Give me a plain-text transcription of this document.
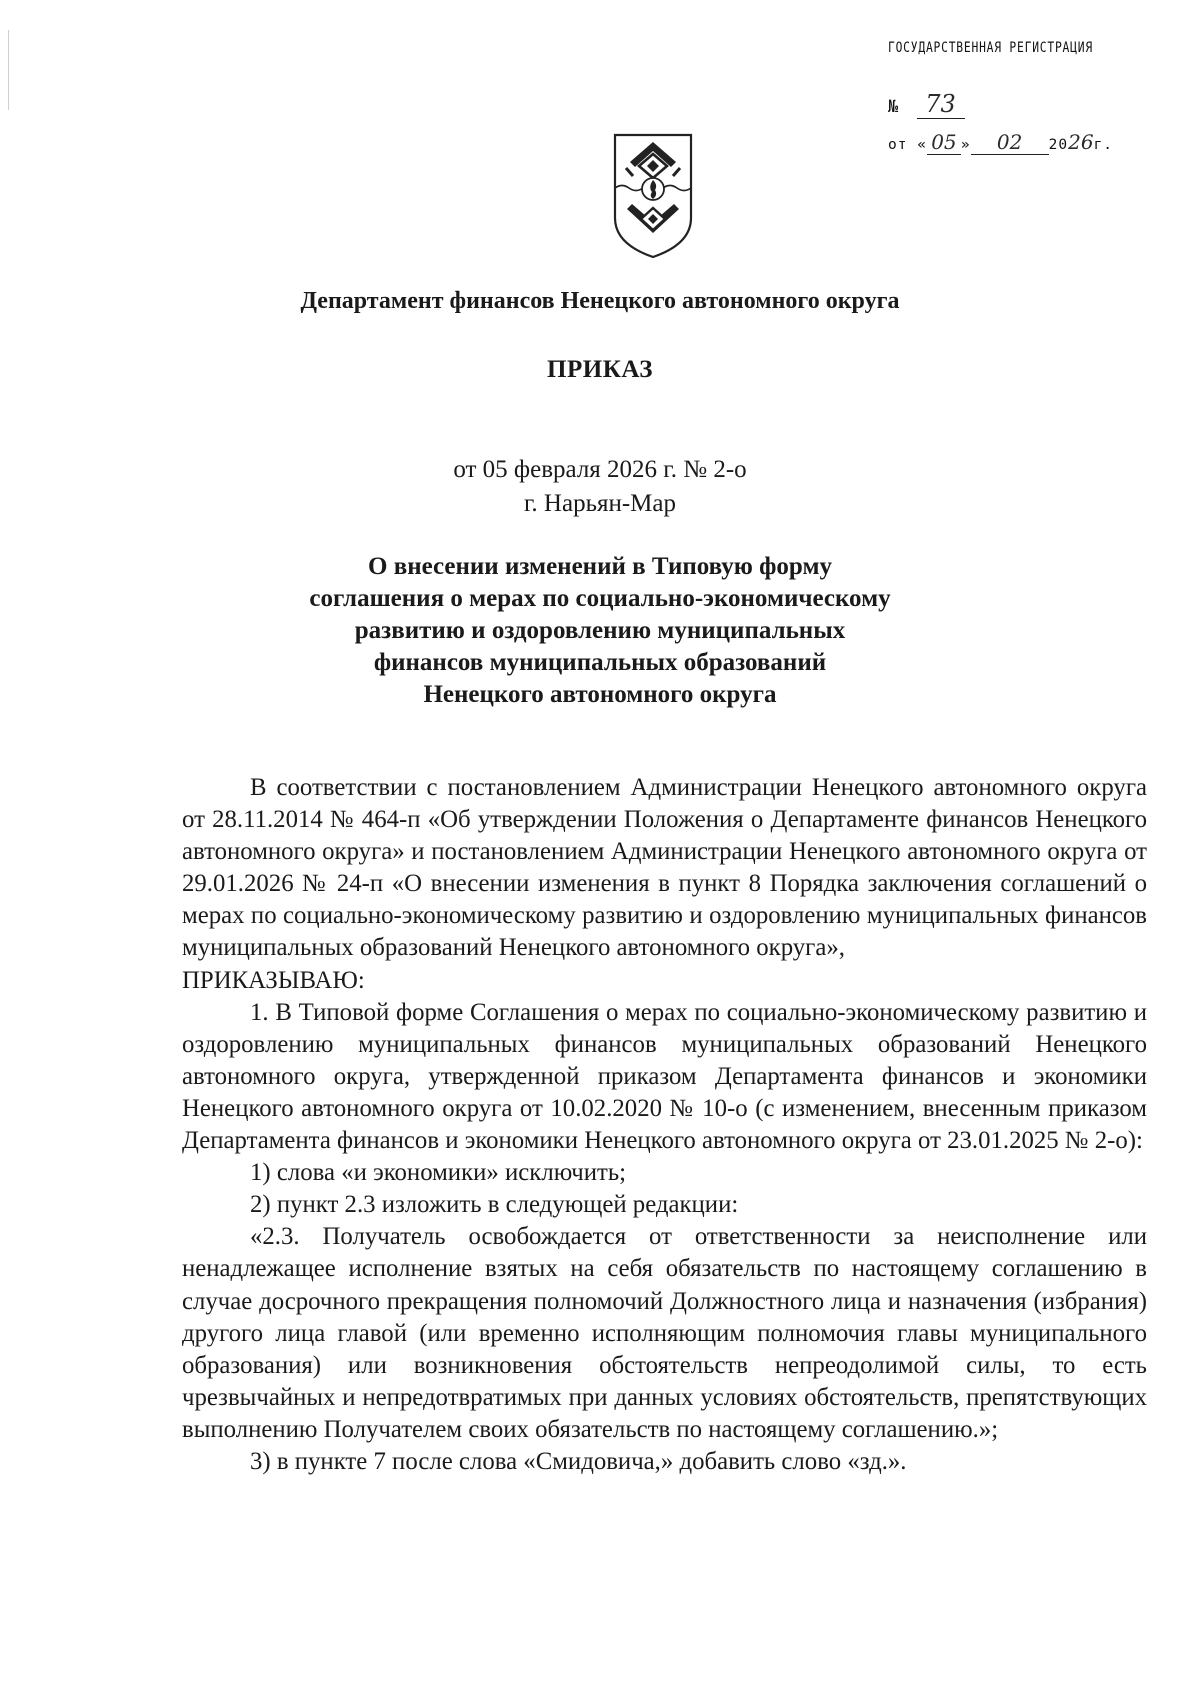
ГОСУДАРСТВЕННАЯ РЕГИСТРАЦИЯ
№ 73
от « 05 » 02 2026г.
Департамент финансов Ненецкого автономного округа
ПРИКАЗ
от 05 февраля 2026 г. № 2-о
г. Нарьян-Мар
О внесении изменений в Типовую форму
соглашения о мерах по социально-экономическому
развитию и оздоровлению муниципальных
финансов муниципальных образований
Ненецкого автономного округа

В соответствии с постановлением Администрации Ненецкого автономного округа от 28.11.2014 № 464-п «Об утверждении Положения о Департаменте финансов Ненецкого автономного округа» и постановлением Администрации Ненецкого автономного округа от 29.01.2026 № 24-п «О внесении изменения в пункт 8 Порядка заключения соглашений о мерах по социально-экономическому развитию и оздоровлению муниципальных финансов муниципальных образований Ненецкого автономного округа»,

ПРИКАЗЫВАЮ:

1. В Типовой форме Соглашения о мерах по социально-экономическому развитию и оздоровлению муниципальных финансов муниципальных образований Ненецкого автономного округа, утвержденной приказом Департамента финансов и экономики Ненецкого автономного округа от 10.02.2020 № 10-о (с изменением, внесенным приказом Департамента финансов и экономики Ненецкого автономного округа от 23.01.2025 № 2-о):

1) слова «и экономики» исключить;

2) пункт 2.3 изложить в следующей редакции:

«2.3. Получатель освобождается от ответственности за неисполнение или ненадлежащее исполнение взятых на себя обязательств по настоящему соглашению в случае досрочного прекращения полномочий Должностного лица и назначения (избрания) другого лица главой (или временно исполняющим полномочия главы муниципального образования) или возникновения обстоятельств непреодолимой силы, то есть чрезвычайных и непредотвратимых при данных условиях обстоятельств, препятствующих выполнению Получателем своих обязательств по настоящему соглашению.»;

3) в пункте 7 после слова «Смидовича,» добавить слово «зд.».
